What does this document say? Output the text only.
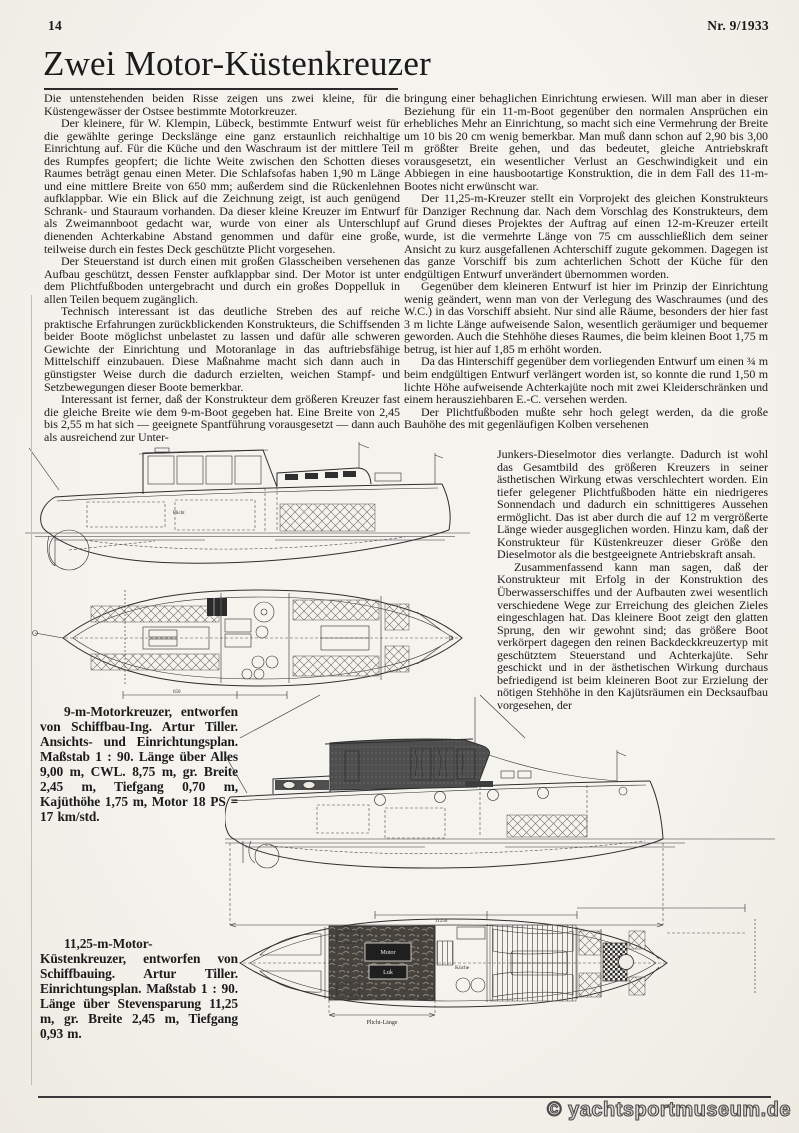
14	Nr. 9/1933
Zwei Motor-Küstenkreuzer

Die untenstehenden beiden Risse zeigen uns zwei kleine, für die Küstengewässer der Ostsee bestimmte Motorkreuzer.

Der kleinere, für W. Klempin, Lübeck, bestimmte Entwurf weist für die gewählte geringe Deckslänge eine ganz erstaunlich reichhaltige Einrichtung auf. Für die Küche und den Waschraum ist der mittlere Teil des Rumpfes geopfert; die lichte Weite zwischen den Schotten dieses Raumes beträgt genau einen Meter. Die Schlafsofas haben 1,90 m Länge und eine mittlere Breite von 650 mm; außerdem sind die Rückenlehnen aufklappbar. Wie ein Blick auf die Zeichnung zeigt, ist auch genügend Schrank- und Stauraum vorhanden. Da dieser kleine Kreuzer im Entwurf als Zweimannboot gedacht war, wurde von einer als Unterschlupf dienenden Achterkabine Abstand genommen und dafür eine große, teilweise durch ein festes Deck geschützte Plicht vorgesehen.

Der Steuerstand ist durch einen mit großen Glasscheiben versehenen Aufbau geschützt, dessen Fenster aufklappbar sind. Der Motor ist unter dem Plichtfußboden untergebracht und durch ein großes Doppelluk in allen Teilen bequem zugänglich.

Technisch interessant ist das deutliche Streben des auf reiche praktische Erfahrungen zurückblickenden Konstrukteurs, die Schiffsenden beider Boote möglichst unbelastet zu lassen und dafür alle schweren Gewichte der Einrichtung und Motoranlage in das auftriebsfähige Mittelschiff einzubauen. Diese Maßnahme macht sich dann auch in günstigster Weise durch die dadurch erzielten, weichen Stampf- und Setzbewegungen dieser Boote bemerkbar.

Interessant ist ferner, daß der Konstrukteur dem größeren Kreuzer fast die gleiche Breite wie dem 9-m-Boot gegeben hat. Eine Breite von 2,45 bis 2,55 m hat sich — geeignete Spantführung vorausgesetzt — dann auch als ausreichend zur Unter-

bringung einer behaglichen Einrichtung erwiesen. Will man aber in dieser Beziehung für ein 11-m-Boot gegenüber den normalen Ansprüchen ein erhebliches Mehr an Einrichtung, so macht sich eine Vermehrung der Breite um 10 bis 20 cm wenig bemerkbar. Man muß dann schon auf 2,90 bis 3,00 m größter Breite gehen, und das bedeutet, gleiche Antriebskraft vorausgesetzt, ein wesentlicher Verlust an Geschwindigkeit und ein Abbiegen in eine hausbootartige Konstruktion, die in dem Fall des 11-m-Bootes nicht erwünscht war.

Der 11,25-m-Kreuzer stellt ein Vorprojekt des gleichen Konstrukteurs für Danziger Rechnung dar. Nach dem Vorschlag des Konstrukteurs, dem auf Grund dieses Projektes der Auftrag auf einen 12-m-Kreuzer erteilt wurde, ist die vermehrte Länge von 75 cm ausschließlich dem seiner Ansicht zu kurz ausgefallenen Achterschiff zugute gekommen. Dagegen ist das ganze Vorschiff bis zum achterlichen Schott der Küche für den endgültigen Entwurf unverändert übernommen worden.

Gegenüber dem kleineren Entwurf ist hier im Prinzip der Einrichtung wenig geändert, wenn man von der Verlegung des Waschraumes (und des W.C.) in das Vorschiff absieht. Nur sind alle Räume, besonders der hier fast 3 m lichte Länge aufweisende Salon, wesentlich geräumiger und bequemer geworden. Auch die Stehhöhe dieses Raumes, die beim kleinen Boot 1,75 m betrug, ist hier auf 1,85 m erhöht worden.

Da das Hinterschiff gegenüber dem vorliegenden Entwurf um einen ¾ m beim endgültigen Entwurf verlängert worden ist, so konnte die rund 1,50 m lichte Höhe aufweisende Achterkajüte noch mit zwei Kleiderschränken und einem herausziehbaren E.-C. versehen werden.

Der Plichtfußboden mußte sehr hoch gelegt werden, da die große Bauhöhe des mit gegenläufigen Kolben versehenen

Junkers-Dieselmotor dies verlangte. Dadurch ist wohl das Gesamtbild des größeren Kreuzers in seiner ästhetischen Wirkung etwas verschlechtert worden. Ein tiefer gelegener Plichtfußboden hätte ein niedrigeres Sonnendach und dadurch ein schnittigeres Aussehen ermöglicht. Das ist aber durch die auf 12 m vergrößerte Länge wieder ausgeglichen worden. Hinzu kam, daß der Konstrukteur für Küstenkreuzer dieser Größe den Dieselmotor als die bestgeeignete Antriebskraft ansah.

Zusammenfassend kann man sagen, daß der Konstrukteur mit Erfolg in der Konstruktion des Überwasserschiffes und der Aufbauten zwei wesentlich verschiedene Wege zur Erreichung des gleichen Zieles eingeschlagen hat. Das kleinere Boot zeigt den glatten Sprung, den wir gewohnt sind; das größere Boot verkörpert dagegen den reinen Backdeckkreuzertyp mit geschütztem Steuerstand und Achterkajüte. Sehr geschickt und in der ästhetischen Wirkung durchaus befriedigend ist beim kleineren Boot zur Erzielung der nötigen Stehhöhe in den Kajütsräumen ein Decksaufbau vorgesehen, der

Plicht
650

9-m-Motorkreuzer, entworfen von Schiffbau-Ing. Artur Tiller. Ansichts- und Einrichtungsplan. Maßstab 1 : 90. Länge über Alles 9,00 m, CWL. 8,75 m, gr. Breite 2,45 m, Tiefgang 0,70 m, Kajüthöhe 1,75 m, Motor 18 PS = 17 km/std.

11250
Motor
Luk
Küche
Plicht-Länge

11,25-m-Motor-Küstenkreuzer, entworfen von Schiffbauing. Artur Tiller. Einrichtungsplan. Maßstab 1 : 90. Länge über Stevensparung 11,25 m, gr. Breite 2,45 m, Tiefgang 0,93 m.

© yachtsportmuseum.de
